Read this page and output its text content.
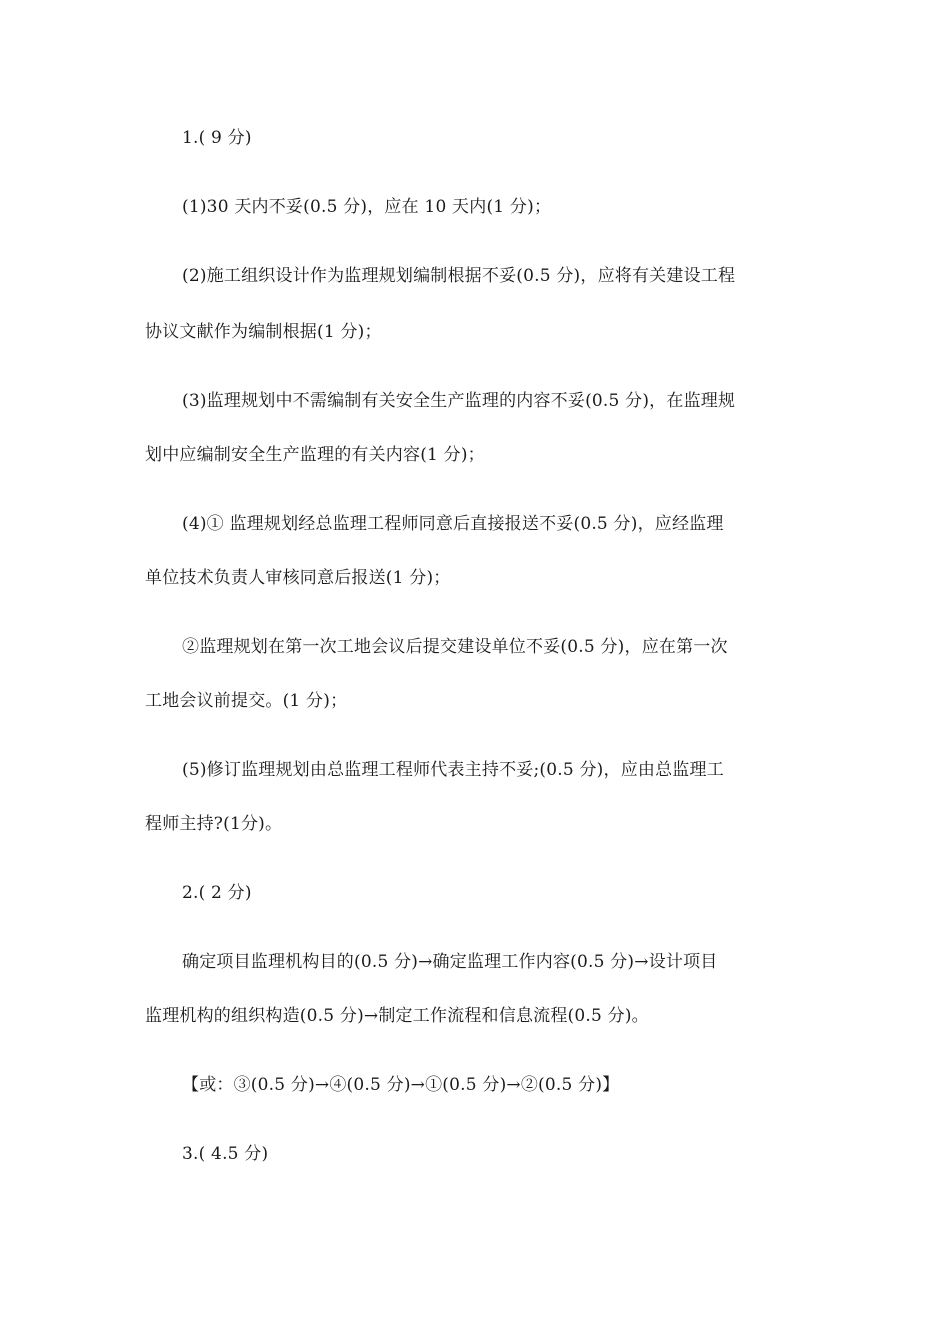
1.( 9 分)
(1)30 天内不妥(0.5 分)，应在 10 天内(1 分)；
(2)施工组织设计作为监理规划编制根据不妥(0.5 分)，应将有关建设工程
协议文献作为编制根据(1 分)；
(3)监理规划中不需编制有关安全生产监理的内容不妥(0.5 分)，在监理规
划中应编制安全生产监理的有关内容(1 分)；
(4)① 监理规划经总监理工程师同意后直接报送不妥(0.5 分)，应经监理
单位技术负责人审核同意后报送(1 分)；
②监理规划在第一次工地会议后提交建设单位不妥(0.5 分)，应在第一次
工地会议前提交。(1 分)；
(5)修订监理规划由总监理工程师代表主持不妥;(0.5 分)，应由总监理工
程师主持?(1分)。
2.( 2 分)
确定项目监理机构目的(0.5 分)→确定监理工作内容(0.5 分)→设计项目
监理机构的组织构造(0.5 分)→制定工作流程和信息流程(0.5 分)。
【或：③(0.5 分)→④(0.5 分)→①(0.5 分)→②(0.5 分)】
3.( 4.5 分)
